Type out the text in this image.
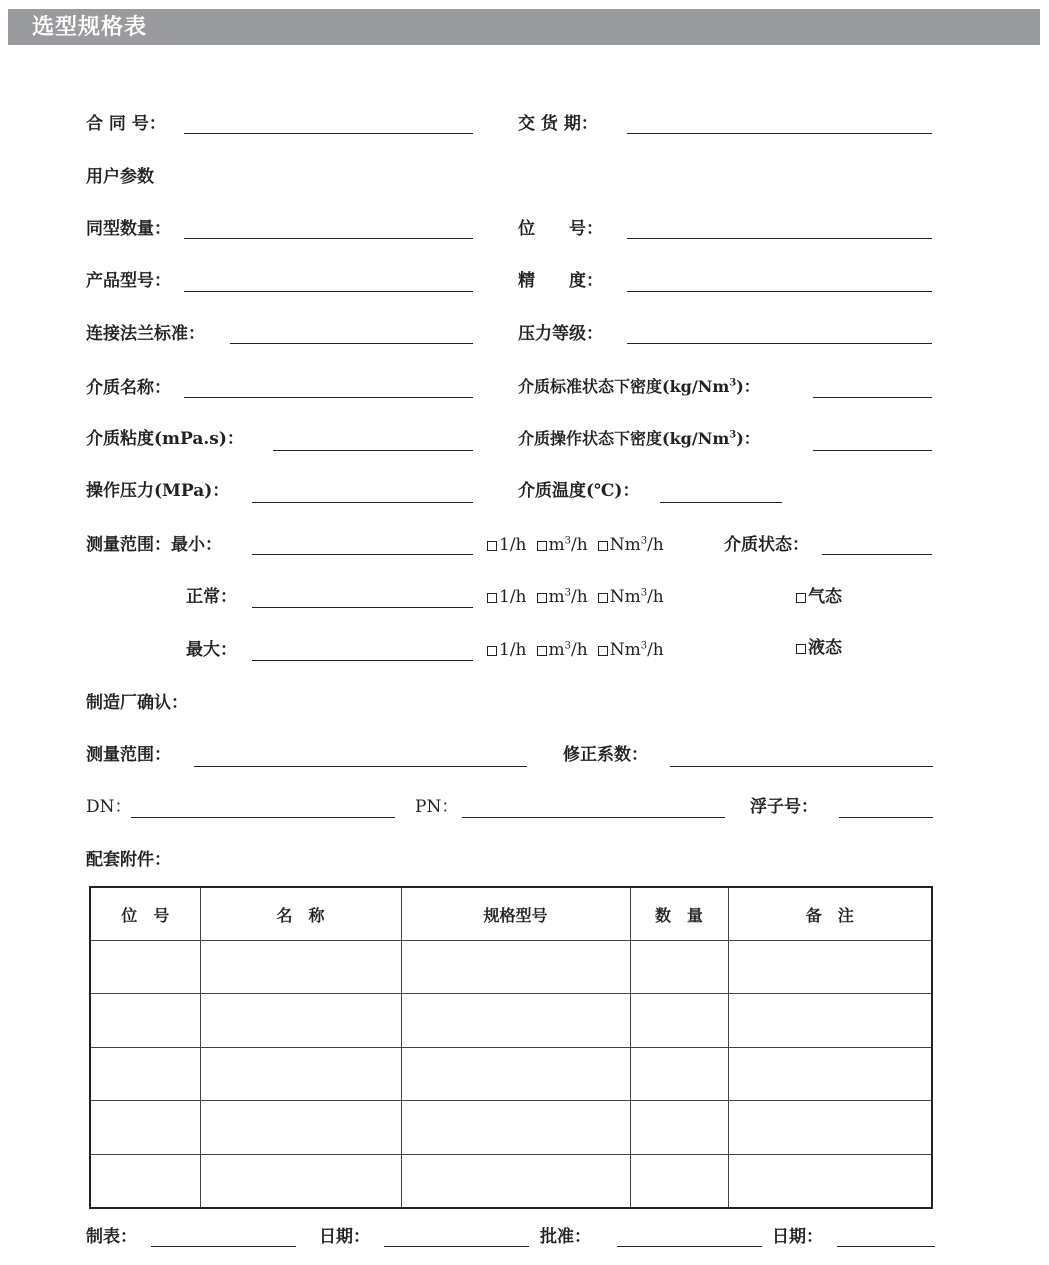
选型规格表
合 同 号：	交 货 期：
用户参数
同型数量：	位　　号：
产品型号：	精　　度：
连接法兰标准：	压力等级：
介质名称：	介质标准状态下密度(kg/Nm$^3$)：
介质粘度(mPa.s)：	介质操作状态下密度(kg/Nm$^3$)：
操作压力(MPa)：	介质温度(℃)：
测量范围：最小：	1/h $m^3/h$ Nm$^3$/h	介质状态：
正常：	1/h $m^3/h$ Nm$^3$/h	气态
最大：	1/h $m^3/h$ Nm$^3$/h	液态
制造厂确认：
测量范围：	修正系数：
DN：	PN：	浮子号：
配套附件：
位　号	名　称	规格型号	数　量	备　注

制表：	日期：	批准：	日期：
